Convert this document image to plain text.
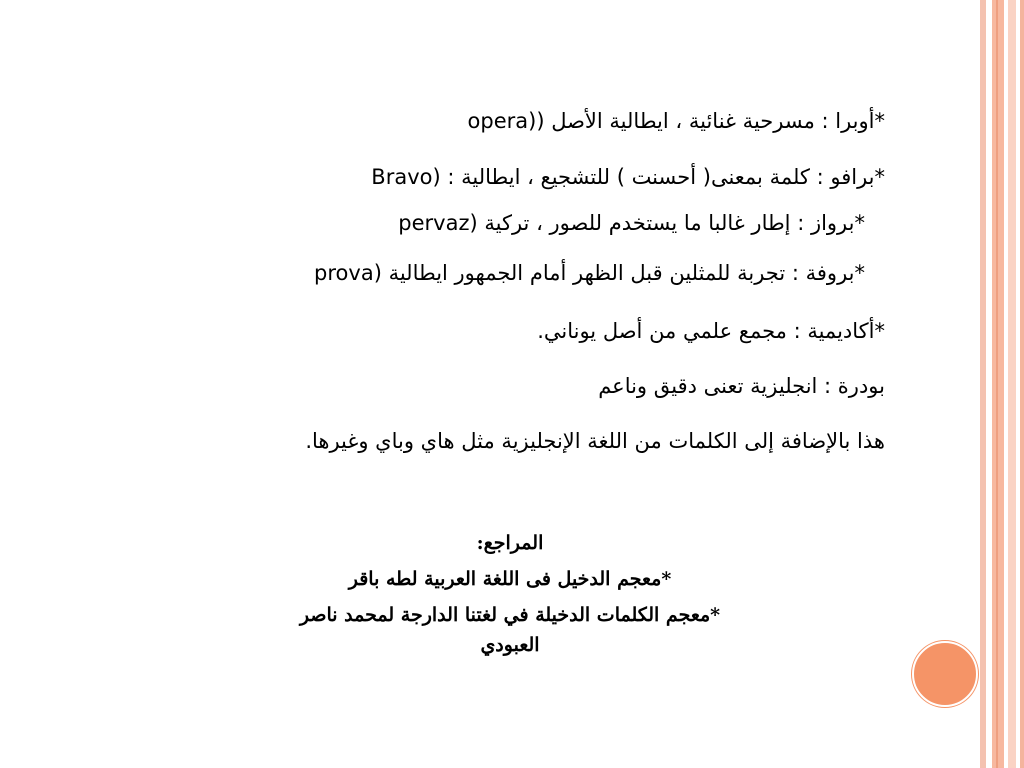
*أوبرا : مسرحية غنائية ، ايطالية الأصل ((opera

*برافو : كلمة بمعنى( أحسنت ) للتشجيع ، ايطالية : (Bravo

*برواز : إطار غالبا ما يستخدم للصور ، تركية (pervaz

*بروفة : تجربة للمثلين قبل الظهر أمام الجمهور ايطالية (prova

*أكاديمية : مجمع علمي من أصل يوناني.

بودرة : انجليزية تعنى دقيق وناعم

هذا بالإضافة إلى الكلمات من اللغة الإنجليزية مثل هاي وباي وغيرها.

المراجع:

*معجم الدخيل فى اللغة العربية لطه باقر

*معجم الكلمات الدخيلة في لغتنا الدارجة لمحمد ناصر

العبودي
